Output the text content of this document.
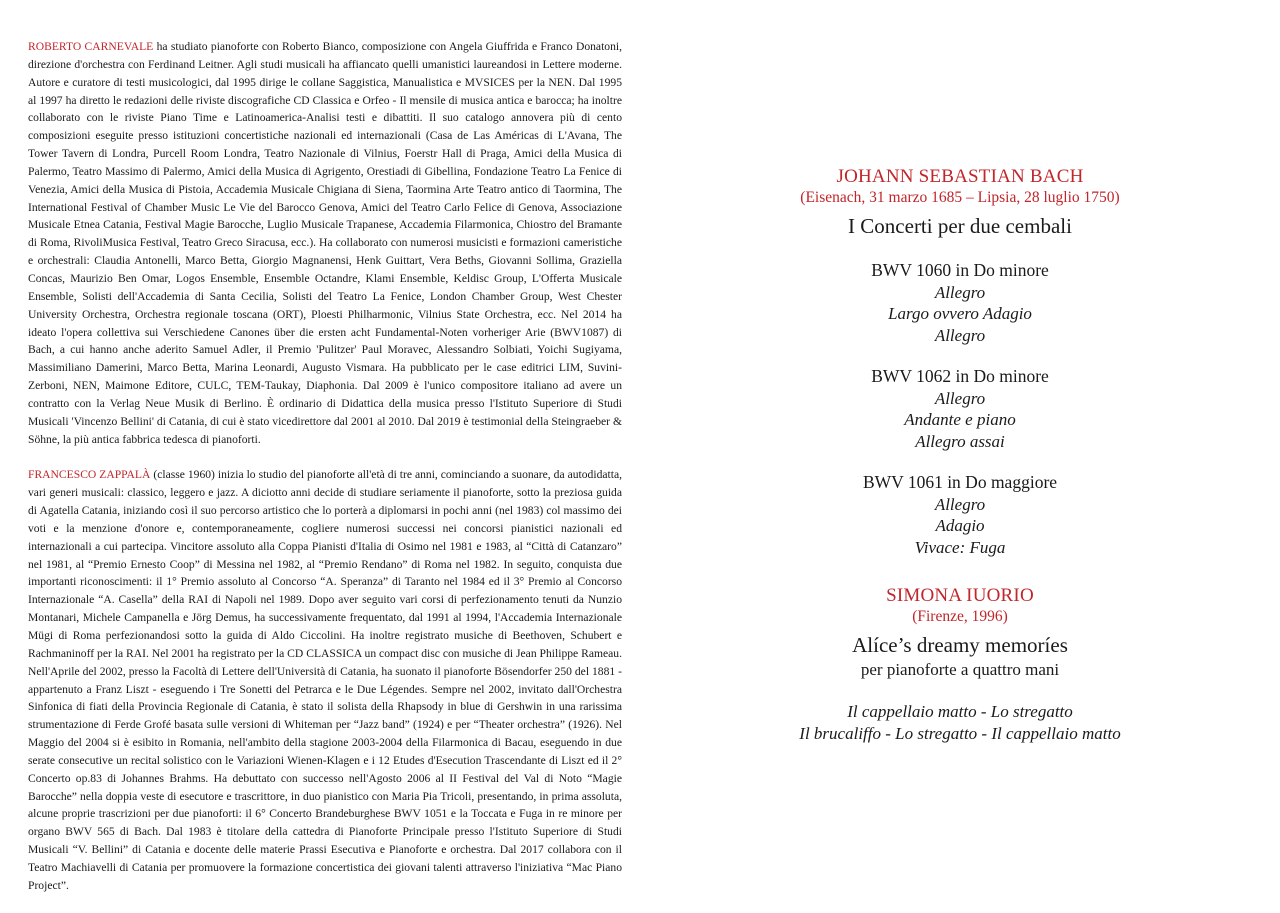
ROBERTO CARNEVALE ha studiato pianoforte con Roberto Bianco, composizione con Angela Giuffrida e Franco Donatoni, direzione d'orchestra con Ferdinand Leitner. Agli studi musicali ha affiancato quelli umanistici laureandosi in Lettere moderne. Autore e curatore di testi musicologici, dal 1995 dirige le collane Saggistica, Manualistica e MVSICES per la NEN. Dal 1995 al 1997 ha diretto le redazioni delle riviste discografiche CD Classica e Orfeo - Il mensile di musica antica e barocca; ha inoltre collaborato con le riviste Piano Time e Latinoamerica-Analisi testi e dibattiti. Il suo catalogo annovera più di cento composizioni eseguite presso istituzioni concertistiche nazionali ed internazionali (Casa de Las Américas di L'Avana, The Tower Tavern di Londra, Purcell Room Londra, Teatro Nazionale di Vilnius, Foerstr Hall di Praga, Amici della Musica di Palermo, Teatro Massimo di Palermo, Amici della Musica di Agrigento, Orestiadi di Gibellina, Fondazione Teatro La Fenice di Venezia, Amici della Musica di Pistoia, Accademia Musicale Chigiana di Siena, Taormina Arte Teatro antico di Taormina, The International Festival of Chamber Music Le Vie del Barocco Genova, Amici del Teatro Carlo Felice di Genova, Associazione Musicale Etnea Catania, Festival Magie Barocche, Luglio Musicale Trapanese, Accademia Filarmonica, Chiostro del Bramante di Roma, RivoliMusica Festival, Teatro Greco Siracusa, ecc.). Ha collaborato con numerosi musicisti e formazioni cameristiche e orchestrali: Claudia Antonelli, Marco Betta, Giorgio Magnanensi, Henk Guittart, Vera Beths, Giovanni Sollima, Graziella Concas, Maurizio Ben Omar, Logos Ensemble, Ensemble Octandre, Klami Ensemble, Keldisc Group, L'Offerta Musicale Ensemble, Solisti dell'Accademia di Santa Cecilia, Solisti del Teatro La Fenice, London Chamber Group, West Chester University Orchestra, Orchestra regionale toscana (ORT), Ploesti Philharmonic, Vilnius State Orchestra, ecc. Nel 2014 ha ideato l'opera collettiva sui Verschiedene Canones über die ersten acht Fundamental-Noten vorheriger Arie (BWV1087) di Bach, a cui hanno anche aderito Samuel Adler, il Premio 'Pulitzer' Paul Moravec, Alessandro Solbiati, Yoichi Sugiyama, Massimiliano Damerini, Marco Betta, Marina Leonardi, Augusto Vismara. Ha pubblicato per le case editrici LIM, Suvini-Zerboni, NEN, Maimone Editore, CULC, TEM-Taukay, Diaphonia. Dal 2009 è l'unico compositore italiano ad avere un contratto con la Verlag Neue Musik di Berlino. È ordinario di Didattica della musica presso l'Istituto Superiore di Studi Musicali 'Vincenzo Bellini' di Catania, di cui è stato vicedirettore dal 2001 al 2010. Dal 2019 è testimonial della Steingraeber & Söhne, la più antica fabbrica tedesca di pianoforti.

FRANCESCO ZAPPALÀ (classe 1960) inizia lo studio del pianoforte all'età di tre anni, cominciando a suonare, da autodidatta, vari generi musicali: classico, leggero e jazz. A diciotto anni decide di studiare seriamente il pianoforte, sotto la preziosa guida di Agatella Catania, iniziando così il suo percorso artistico che lo porterà a diplomarsi in pochi anni (nel 1983) col massimo dei voti e la menzione d'onore e, contemporaneamente, cogliere numerosi successi nei concorsi pianistici nazionali ed internazionali a cui partecipa. Vincitore assoluto alla Coppa Pianisti d'Italia di Osimo nel 1981 e 1983, al “Città di Catanzaro” nel 1981, al “Premio Ernesto Coop” di Messina nel 1982, al “Premio Rendano” di Roma nel 1982. In seguito, conquista due importanti riconoscimenti: il 1° Premio assoluto al Concorso “A. Speranza” di Taranto nel 1984 ed il 3° Premio al Concorso Internazionale “A. Casella” della RAI di Napoli nel 1989. Dopo aver seguito vari corsi di perfezionamento tenuti da Nunzio Montanari, Michele Campanella e Jörg Demus, ha successivamente frequentato, dal 1991 al 1994, l'Accademia Internazionale Mügi di Roma perfezionandosi sotto la guida di Aldo Ciccolini. Ha inoltre registrato musiche di Beethoven, Schubert e Rachmaninoff per la RAI. Nel 2001 ha registrato per la CD CLASSICA un compact disc con musiche di Jean Philippe Rameau. Nell'Aprile del 2002, presso la Facoltà di Lettere dell'Università di Catania, ha suonato il pianoforte Bösendorfer 250 del 1881 - appartenuto a Franz Liszt - eseguendo i Tre Sonetti del Petrarca e le Due Légendes. Sempre nel 2002, invitato dall'Orchestra Sinfonica di fiati della Provincia Regionale di Catania, è stato il solista della Rhapsody in blue di Gershwin in una rarissima strumentazione di Ferde Grofé basata sulle versioni di Whiteman per “Jazz band” (1924) e per “Theater orchestra” (1926). Nel Maggio del 2004 si è esibito in Romania, nell'ambito della stagione 2003-2004 della Filarmonica di Bacau, eseguendo in due serate consecutive un recital solistico con le Variazioni Wienen-Klagen e i 12 Etudes d'Esecution Trascendante di Liszt ed il 2° Concerto op.83 di Johannes Brahms. Ha debuttato con successo nell'Agosto 2006 al II Festival del Val di Noto “Magie Barocche” nella doppia veste di esecutore e trascrittore, in duo pianistico con Maria Pia Tricoli, presentando, in prima assoluta, alcune proprie trascrizioni per due pianoforti: il 6° Concerto Brandeburghese BWV 1051 e la Toccata e Fuga in re minore per organo BWV 565 di Bach. Dal 1983 è titolare della cattedra di Pianoforte Principale presso l'Istituto Superiore di Studi Musicali “V. Bellini” di Catania e docente delle materie Prassi Esecutiva e Pianoforte e orchestra. Dal 2017 collabora con il Teatro Machiavelli di Catania per promuovere la formazione concertistica dei giovani talenti attraverso l'iniziativa “Mac Piano Project”.

JOHANN SEBASTIAN BACH
(Eisenach, 31 marzo 1685 – Lipsia, 28 luglio 1750)
I Concerti per due cembali
BWV 1060 in Do minore
Allegro
Largo ovvero Adagio
Allegro
BWV 1062 in Do minore
Allegro
Andante e piano
Allegro assai
BWV 1061 in Do maggiore
Allegro
Adagio
Vivace: Fuga
SIMONA IUORIO
(Firenze, 1996)
Alíce’s dreamy memoríes
per pianoforte a quattro mani
Il cappellaio matto - Lo stregatto
Il brucaliffo - Lo stregatto - Il cappellaio matto
